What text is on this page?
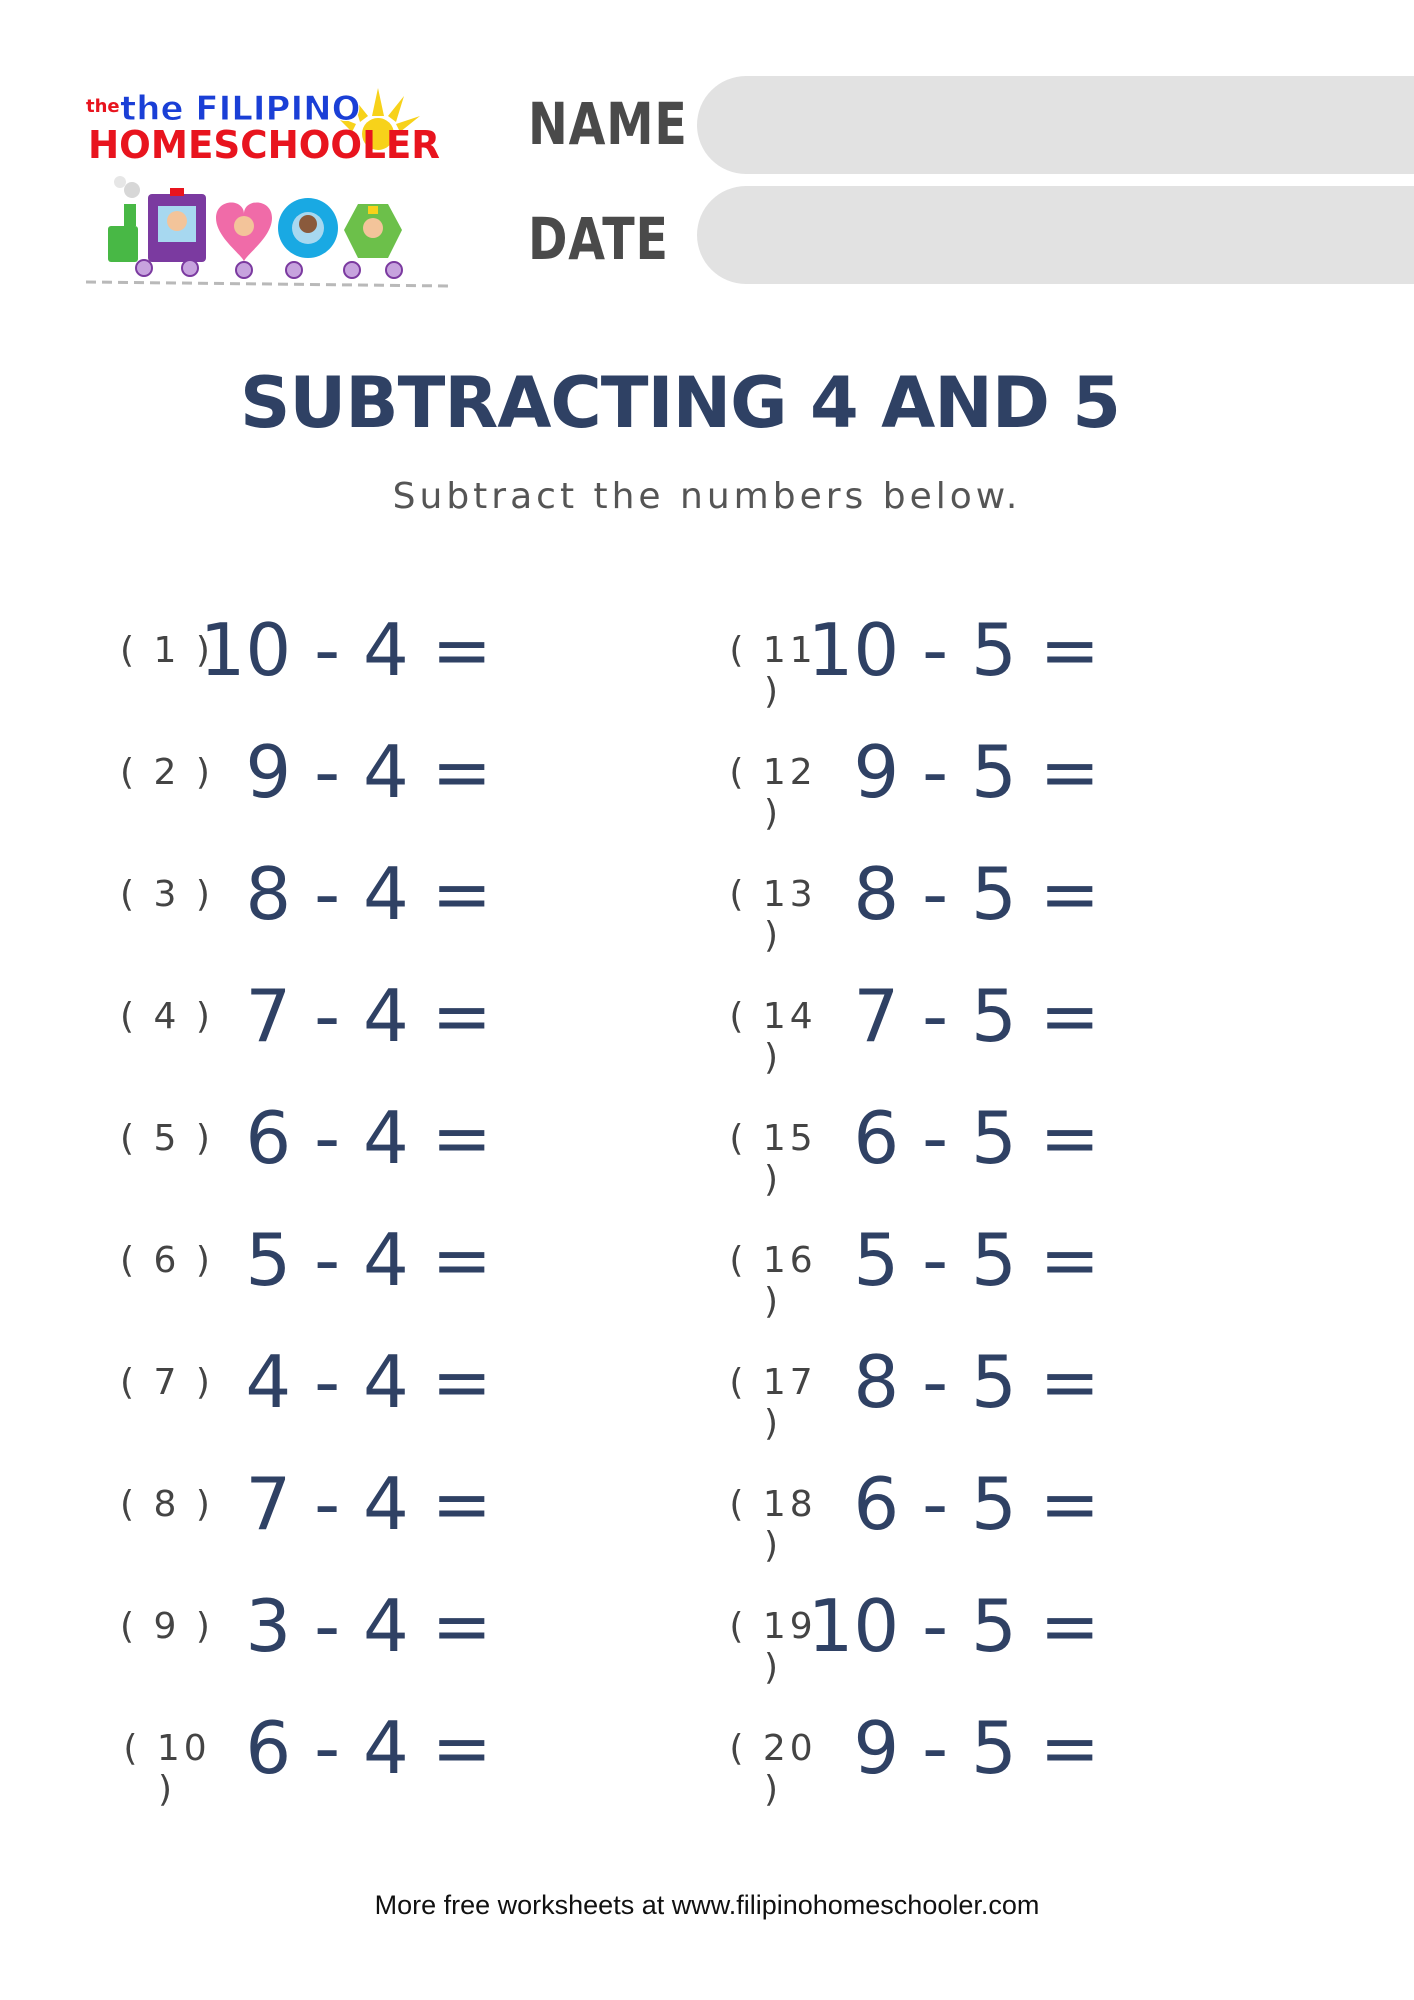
the the FILIPINO
HOMESCHOOLER NAME
DATE
SUBTRACTING 4 AND 5
Subtract the numbers below.
( 1 )
10 - 4 =
( 2 ) 9 - 4 =
( 3 ) 8 - 4 =
( 4 ) 7 - 4 =
( 5 ) 6 - 4 =
( 6 ) 5 - 4 =
( 7 ) 4 - 4 =
( 8 ) 7 - 4 =
( 9 ) 3 - 4 =
( 10 ) 6 - 4 =
( 11 ) 10 - 5 =
( 12 ) 9 - 5 =
( 13 ) 8 - 5 =
( 14 ) 7 - 5 =
( 15 ) 6 - 5 =
( 16 ) 5 - 5 =
( 17 ) 8 - 5 =
( 18 ) 6 - 5 =
( 19 ) 10 - 5 =
( 20 ) 9 - 5 =
More free worksheets at www.filipinohomeschooler.com
